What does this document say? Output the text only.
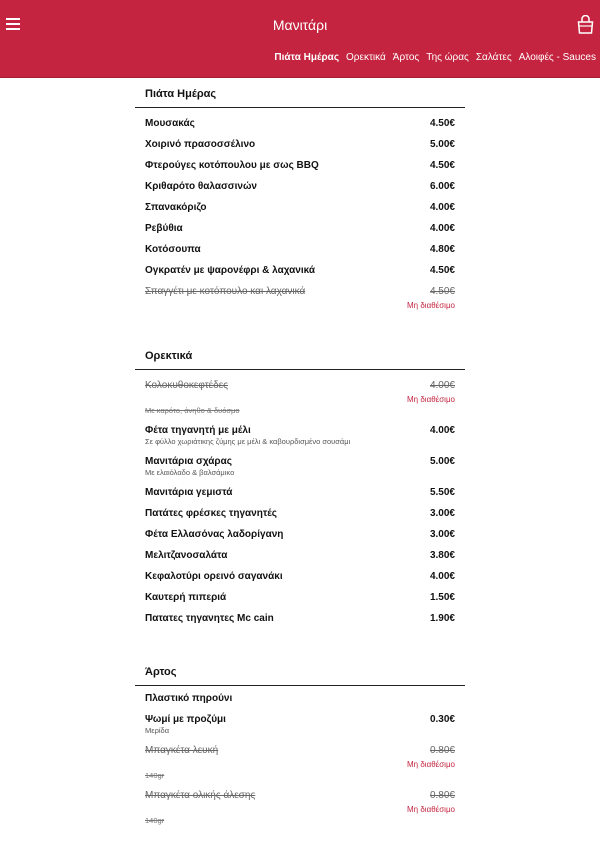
Μανιτάρι
Πιάτα Ημέρας Ορεκτικά Άρτος Της ώρας Σαλάτες Αλοιφές - Sauces
Πιάτα Ημέρας
Μουσακάς	4.50€
Χοιρινό πρασοσσέλινο	5.00€
Φτερούγες κοτόπουλου με σως BBQ	4.50€
Κριθαρότο θαλασσινών	6.00€
Σπανακόριζο	4.00€
Ρεβύθια	4.00€
Κοτόσουπα	4.80€
Ογκρατέν με ψαρονέφρι & λαχανικά	4.50€
Σπαγγέτι με κοτόπουλο και λαχανικά	4.50€
Μη διαθέσιμο
Ορεκτικά
Κολοκυθοκεφτέδες	4.00€
Μη διαθέσιμο
Με καρότο, άνηθο & δυόσμο
Φέτα τηγανητή με μέλι	4.00€
Σε φύλλο χωριάτικης ζύμης με μέλι & καβουρδισμένο σουσάμι
Μανιτάρια σχάρας	5.00€
Με ελαιόλαδο & βαλσάμικο
Μανιτάρια γεμιστά	5.50€
Πατάτες φρέσκες τηγανητές	3.00€
Φέτα Ελλασόνας λαδορίγανη	3.00€
Μελιτζανοσαλάτα	3.80€
Κεφαλοτύρι ορεινό σαγανάκι	4.00€
Καυτερή πιπεριά	1.50€
Πατατες τηγανητες Mc cain	1.90€
Άρτος
Πλαστικό πηρούνι
Ψωμί με προζύμι	0.30€
Μερίδα
Μπαγκέτα λευκή	0.80€
Μη διαθέσιμο
140gr
Μπαγκέτα ολικής άλεσης	0.80€
Μη διαθέσιμο
140gr
